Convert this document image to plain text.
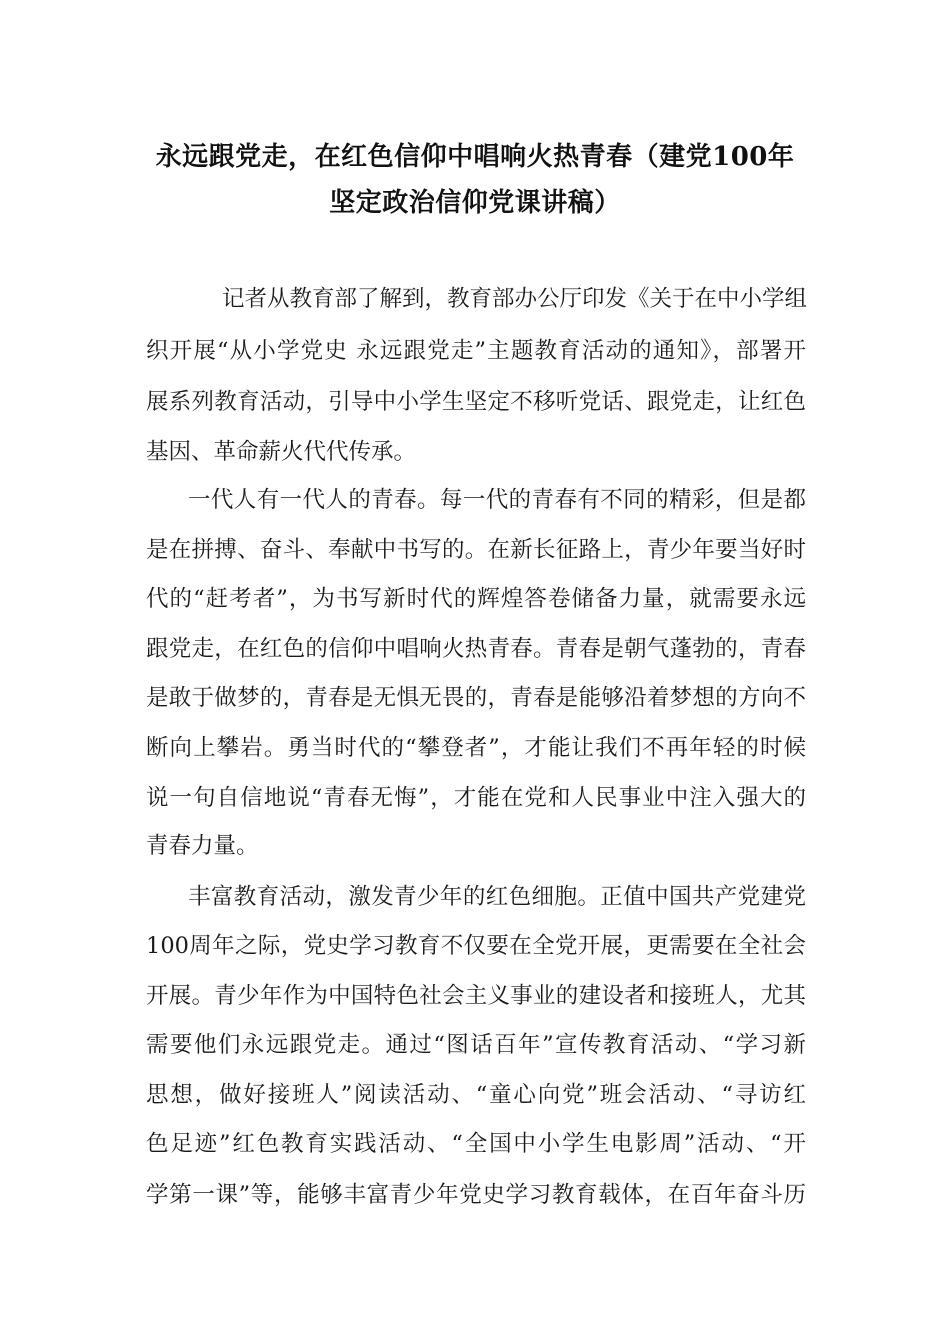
永远跟党走，在红色信仰中唱响火热青春（建党100年
坚定政治信仰党课讲稿）
记者从教育部了解到，教育部办公厅印发《关于在中小学组
织开展“从小学党史 永远跟党走”主题教育活动的通知》，部署开
展系列教育活动，引导中小学生坚定不移听党话、跟党走，让红色
基因、革命薪火代代传承。
一代人有一代人的青春。每一代的青春有不同的精彩，但是都
是在拼搏、奋斗、奉献中书写的。在新长征路上，青少年要当好时
代的“赶考者”，为书写新时代的辉煌答卷储备力量，就需要永远
跟党走，在红色的信仰中唱响火热青春。青春是朝气蓬勃的，青春
是敢于做梦的，青春是无惧无畏的，青春是能够沿着梦想的方向不
断向上攀岩。勇当时代的“攀登者”，才能让我们不再年轻的时候
说一句自信地说“青春无悔”，才能在党和人民事业中注入强大的
青春力量。
丰富教育活动，激发青少年的红色细胞。正值中国共产党建党
100周年之际，党史学习教育不仅要在全党开展，更需要在全社会
开展。青少年作为中国特色社会主义事业的建设者和接班人，尤其
需要他们永远跟党走。通过“图话百年”宣传教育活动、“学习新
思想，做好接班人”阅读活动、“童心向党”班会活动、“寻访红
色足迹”红色教育实践活动、“全国中小学生电影周”活动、“开
学第一课”等，能够丰富青少年党史学习教育载体，在百年奋斗历
